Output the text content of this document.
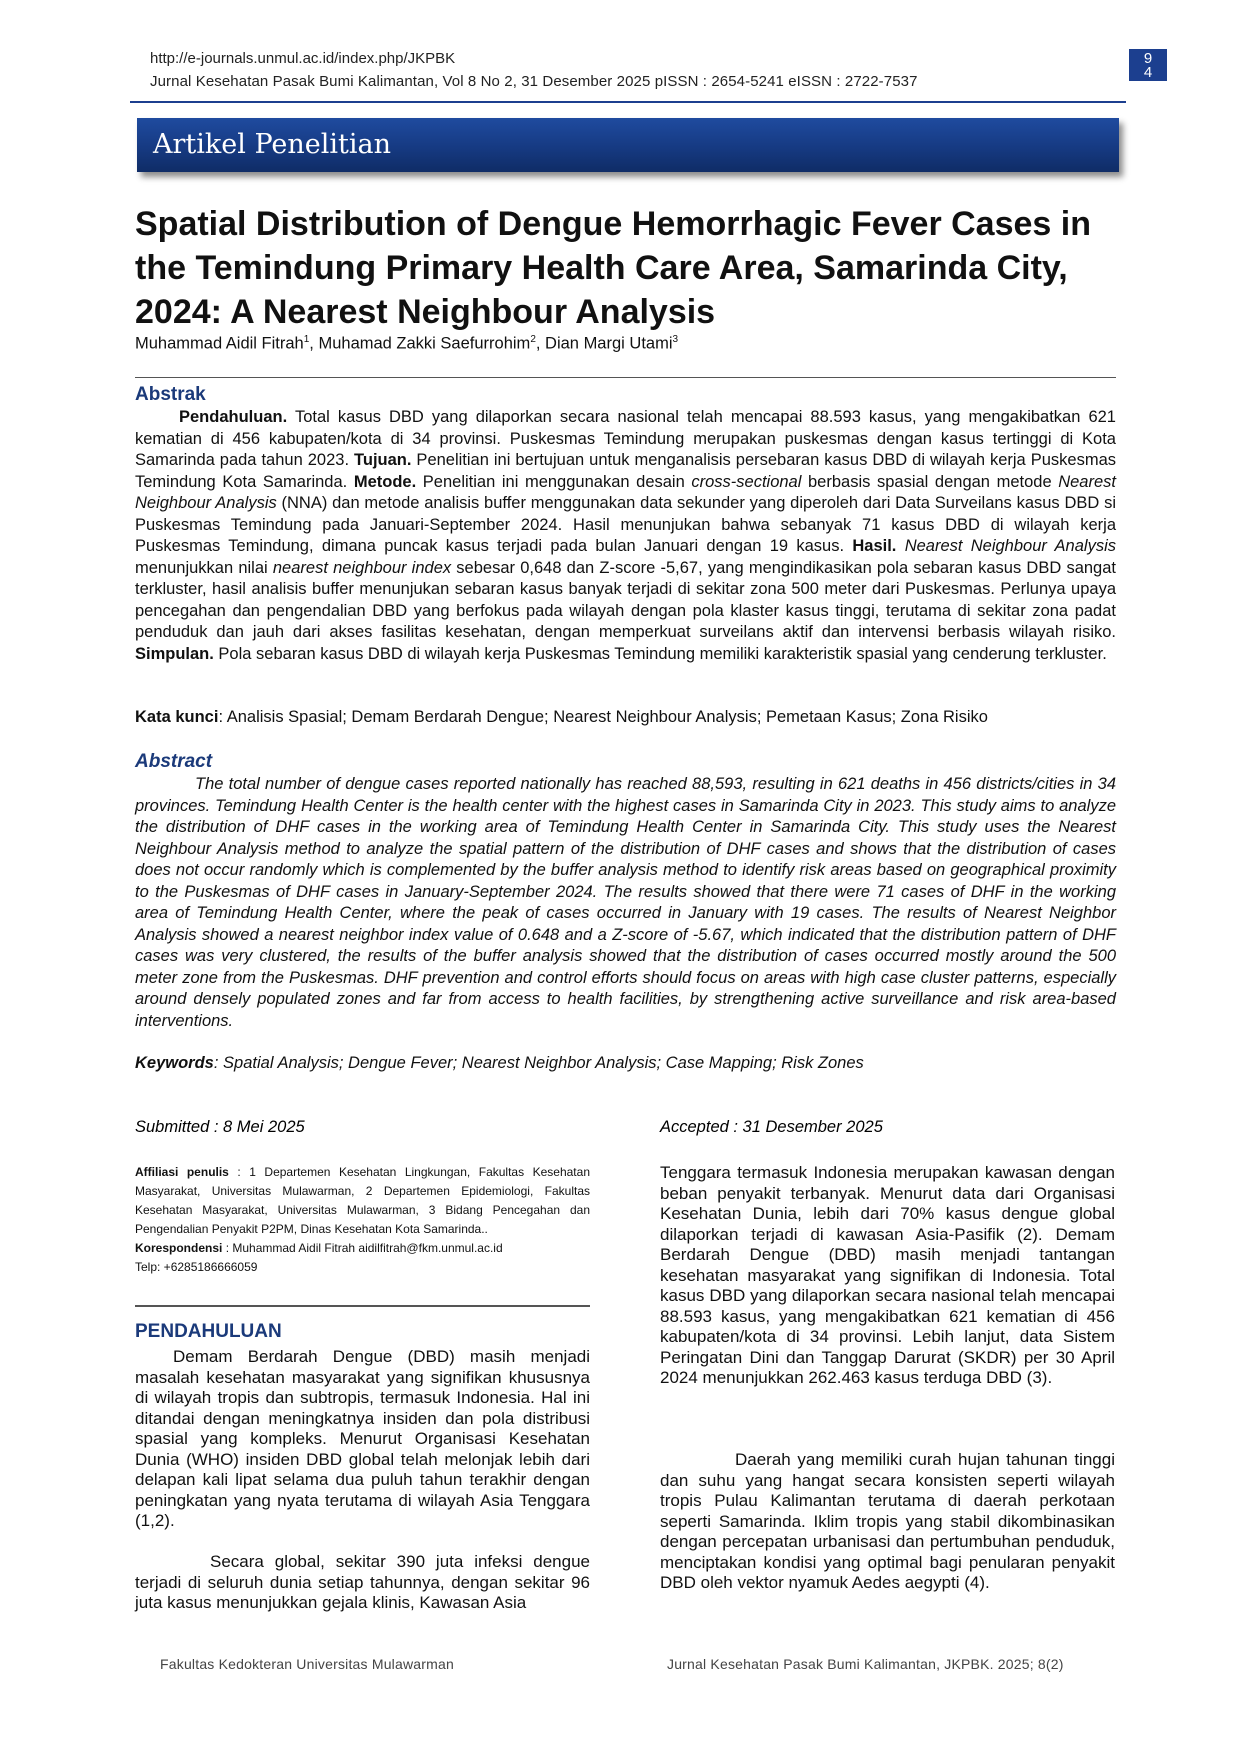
http://e-journals.unmul.ac.id/index.php/JKPBK
Jurnal Kesehatan Pasak Bumi Kalimantan, Vol 8 No 2, 31 Desember 2025 pISSN : 2654-5241 eISSN : 2722-7537
9
4
Artikel Penelitian
Spatial Distribution of Dengue Hemorrhagic Fever Cases in the Temindung Primary Health Care Area, Samarinda City, 2024: A Nearest Neighbour Analysis
Muhammad Aidil Fitrah$^1$, Muhamad Zakki Saefurrohim$^2$, Dian Margi Utami$^3$
Abstrak
Pendahuluan. Total kasus DBD yang dilaporkan secara nasional telah mencapai 88.593 kasus, yang mengakibatkan 621 kematian di 456 kabupaten/kota di 34 provinsi. Puskesmas Temindung merupakan puskesmas dengan kasus tertinggi di Kota Samarinda pada tahun 2023. Tujuan. Penelitian ini bertujuan untuk menganalisis persebaran kasus DBD di wilayah kerja Puskesmas Temindung Kota Samarinda. Metode. Penelitian ini menggunakan desain cross-sectional berbasis spasial dengan metode Nearest Neighbour Analysis (NNA) dan metode analisis buffer menggunakan data sekunder yang diperoleh dari Data Surveilans kasus DBD si Puskesmas Temindung pada Januari-September 2024. Hasil menunjukan bahwa sebanyak 71 kasus DBD di wilayah kerja Puskesmas Temindung, dimana puncak kasus terjadi pada bulan Januari dengan 19 kasus. Hasil. Nearest Neighbour Analysis menunjukkan nilai nearest neighbour index sebesar 0,648 dan Z-score -5,67, yang mengindikasikan pola sebaran kasus DBD sangat terkluster, hasil analisis buffer menunjukan sebaran kasus banyak terjadi di sekitar zona 500 meter dari Puskesmas. Perlunya upaya pencegahan dan pengendalian DBD yang berfokus pada wilayah dengan pola klaster kasus tinggi, terutama di sekitar zona padat penduduk dan jauh dari akses fasilitas kesehatan, dengan memperkuat surveilans aktif dan intervensi berbasis wilayah risiko. Simpulan. Pola sebaran kasus DBD di wilayah kerja Puskesmas Temindung memiliki karakteristik spasial yang cenderung terkluster.
Kata kunci: Analisis Spasial; Demam Berdarah Dengue; Nearest Neighbour Analysis; Pemetaan Kasus; Zona Risiko
Abstract
The total number of dengue cases reported nationally has reached 88,593, resulting in 621 deaths in 456 districts/cities in 34 provinces. Temindung Health Center is the health center with the highest cases in Samarinda City in 2023. This study aims to analyze the distribution of DHF cases in the working area of Temindung Health Center in Samarinda City. This study uses the Nearest Neighbour Analysis method to analyze the spatial pattern of the distribution of DHF cases and shows that the distribution of cases does not occur randomly which is complemented by the buffer analysis method to identify risk areas based on geographical proximity to the Puskesmas of DHF cases in January-September 2024. The results showed that there were 71 cases of DHF in the working area of Temindung Health Center, where the peak of cases occurred in January with 19 cases. The results of Nearest Neighbor Analysis showed a nearest neighbor index value of 0.648 and a Z-score of -5.67, which indicated that the distribution pattern of DHF cases was very clustered, the results of the buffer analysis showed that the distribution of cases occurred mostly around the 500 meter zone from the Puskesmas. DHF prevention and control efforts should focus on areas with high case cluster patterns, especially around densely populated zones and far from access to health facilities, by strengthening active surveillance and risk area-based interventions.
Keywords: Spatial Analysis; Dengue Fever; Nearest Neighbor Analysis; Case Mapping; Risk Zones
Submitted : 8 Mei 2025	Accepted : 31 Desember 2025
Affiliasi penulis : 1 Departemen Kesehatan Lingkungan, Fakultas Kesehatan Masyarakat, Universitas Mulawarman, 2 Departemen Epidemiologi, Fakultas Kesehatan Masyarakat, Universitas Mulawarman, 3 Bidang Pencegahan dan Pengendalian Penyakit P2PM, Dinas Kesehatan Kota Samarinda..
Korespondensi : Muhammad Aidil Fitrah aidilfitrah@fkm.unmul.ac.id
Telp: +6285186666059
PENDAHULUAN
Demam Berdarah Dengue (DBD) masih menjadi masalah kesehatan masyarakat yang signifikan khususnya di wilayah tropis dan subtropis, termasuk Indonesia. Hal ini ditandai dengan meningkatnya insiden dan pola distribusi spasial yang kompleks. Menurut Organisasi Kesehatan Dunia (WHO) insiden DBD global telah melonjak lebih dari delapan kali lipat selama dua puluh tahun terakhir dengan peningkatan yang nyata terutama di wilayah Asia Tenggara (1,2).
Secara global, sekitar 390 juta infeksi dengue terjadi di seluruh dunia setiap tahunnya, dengan sekitar 96 juta kasus menunjukkan gejala klinis, Kawasan Asia
Tenggara termasuk Indonesia merupakan kawasan dengan beban penyakit terbanyak. Menurut data dari Organisasi Kesehatan Dunia, lebih dari 70% kasus dengue global dilaporkan terjadi di kawasan Asia-Pasifik (2). Demam Berdarah Dengue (DBD) masih menjadi tantangan kesehatan masyarakat yang signifikan di Indonesia. Total kasus DBD yang dilaporkan secara nasional telah mencapai 88.593 kasus, yang mengakibatkan 621 kematian di 456 kabupaten/kota di 34 provinsi. Lebih lanjut, data Sistem Peringatan Dini dan Tanggap Darurat (SKDR) per 30 April 2024 menunjukkan 262.463 kasus terduga DBD (3).
Daerah yang memiliki curah hujan tahunan tinggi dan suhu yang hangat secara konsisten seperti wilayah tropis Pulau Kalimantan terutama di daerah perkotaan seperti Samarinda. Iklim tropis yang stabil dikombinasikan dengan percepatan urbanisasi dan pertumbuhan penduduk, menciptakan kondisi yang optimal bagi penularan penyakit DBD oleh vektor nyamuk Aedes aegypti (4).
Fakultas Kedokteran Universitas Mulawarman	Jurnal Kesehatan Pasak Bumi Kalimantan, JKPBK. 2025; 8(2)
